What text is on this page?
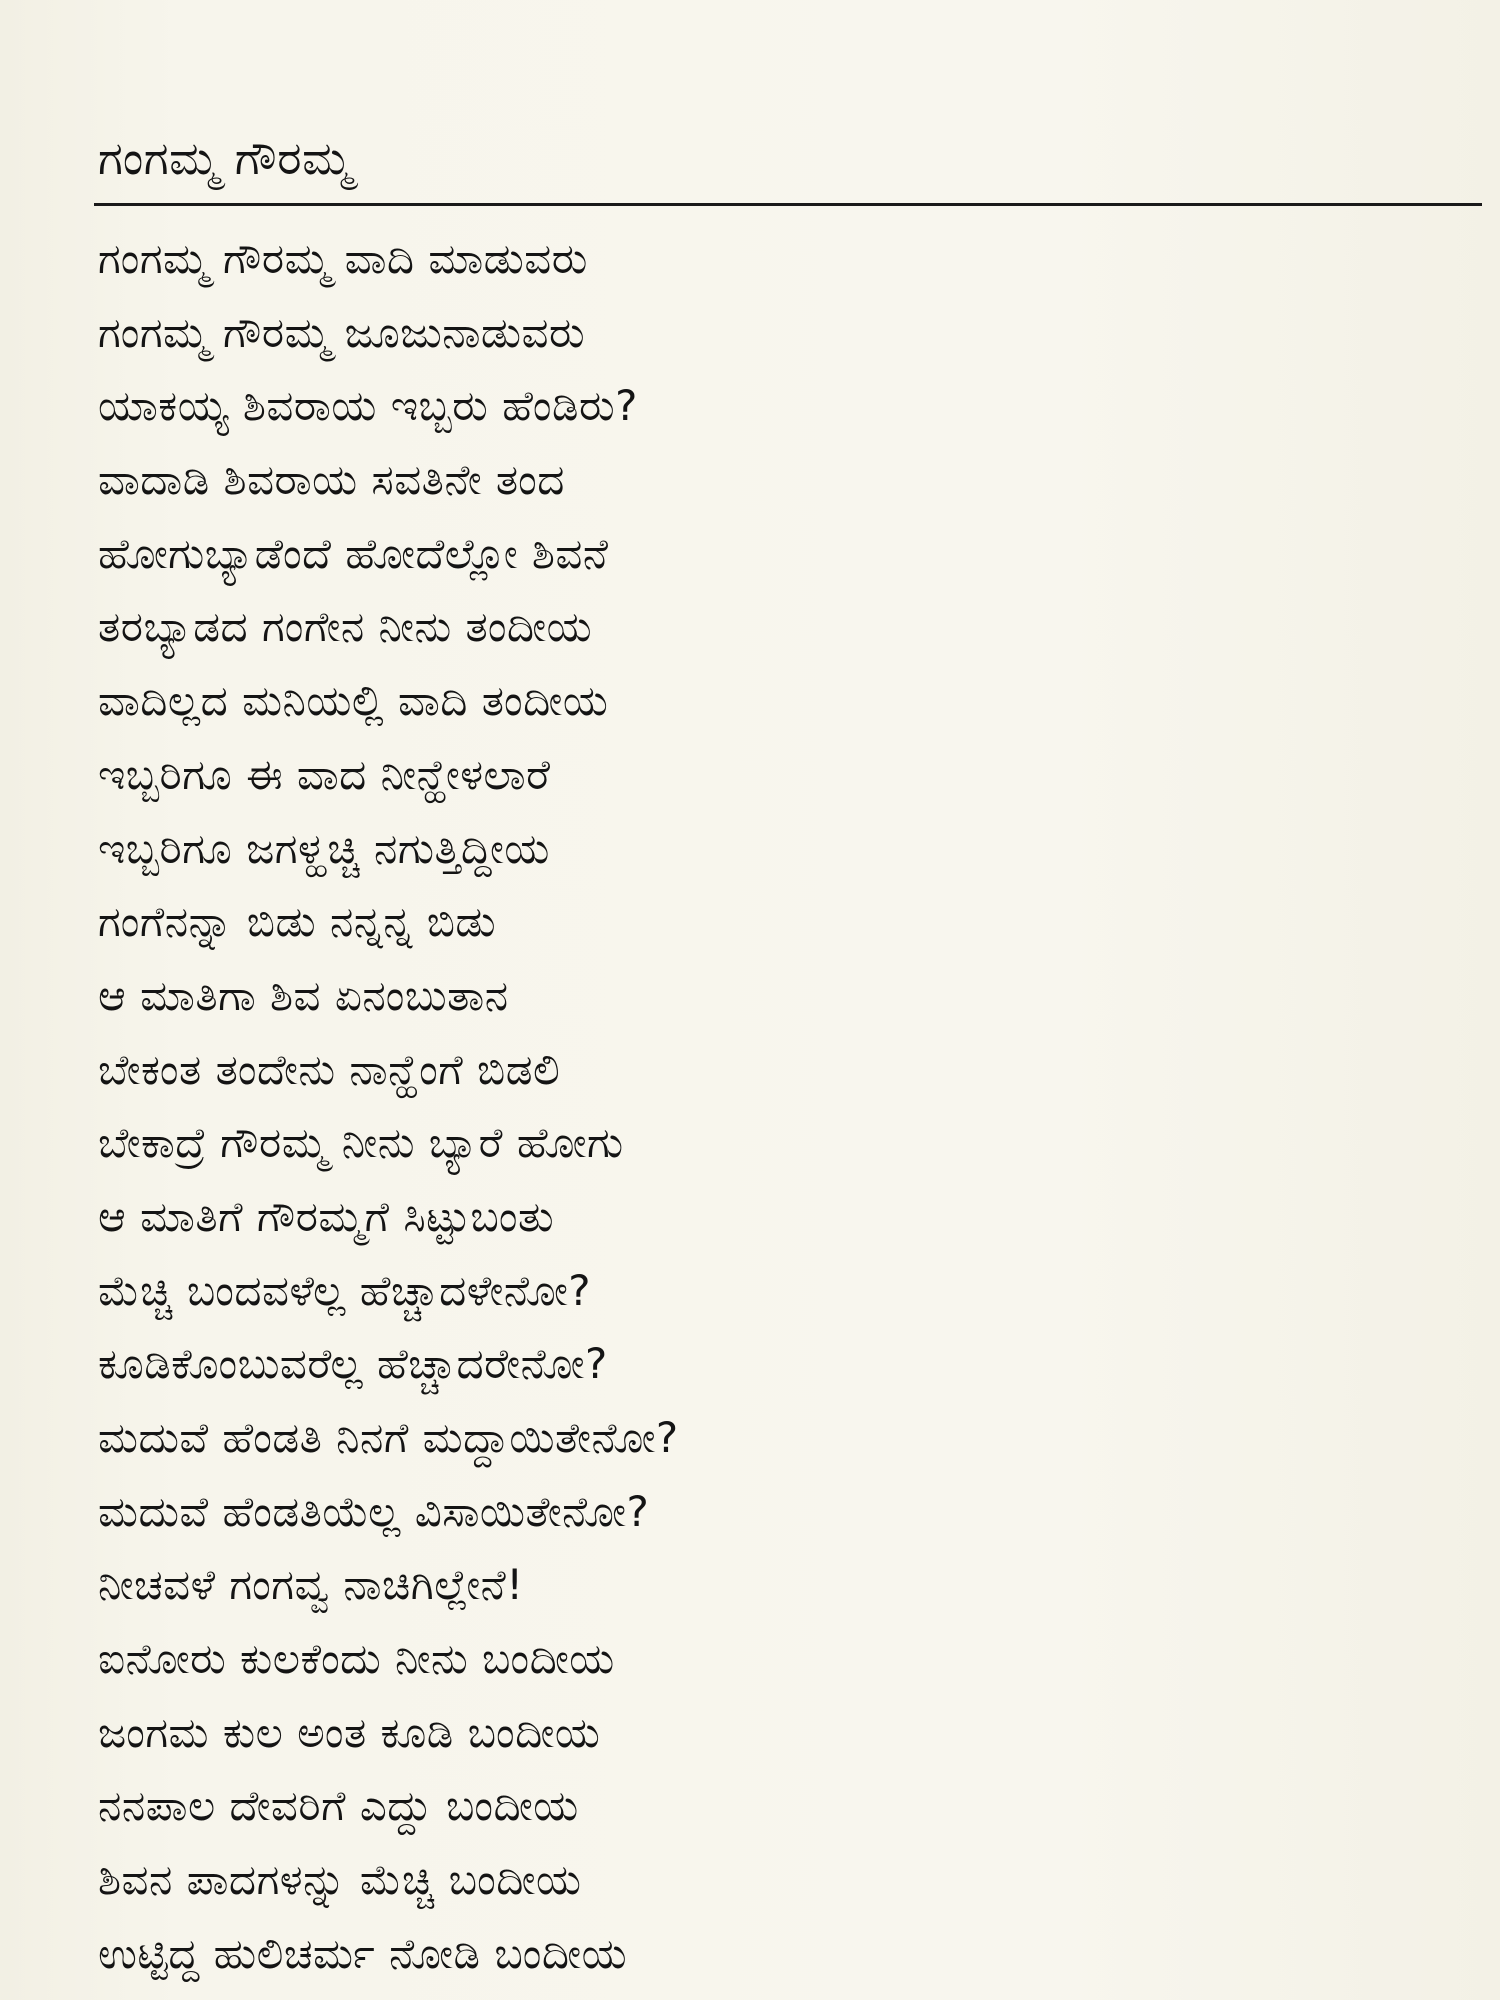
ಗಂಗಮ್ಮ ಗೌರಮ್ಮ
ಗಂಗಮ್ಮ ಗೌರಮ್ಮ ವಾದಿ ಮಾಡುವರು
ಗಂಗಮ್ಮ ಗೌರಮ್ಮ ಜೂಜುನಾಡುವರು
ಯಾಕಯ್ಯ ಶಿವರಾಯ ಇಬ್ಬರು ಹೆಂಡಿರು?
ವಾದಾಡಿ ಶಿವರಾಯ ಸವತಿನೇ ತಂದ
ಹೋಗುಬ್ಯಾಡೆಂದೆ ಹೋದೆಲ್ಲೋ ಶಿವನೆ
ತರಬ್ಯಾಡದ ಗಂಗೇನ ನೀನು ತಂದೀಯ
ವಾದಿಲ್ಲದ ಮನಿಯಲ್ಲಿ ವಾದಿ ತಂದೀಯ
ಇಬ್ಬರಿಗೂ ಈ ವಾದ ನೀನ್ಹೇಳಲಾರೆ
ಇಬ್ಬರಿಗೂ ಜಗಳ್ಹಚ್ಚಿ ನಗುತ್ತಿದ್ದೀಯ
ಗಂಗೆನನ್ನಾ ಬಿಡು ನನ್ನನ್ನ ಬಿಡು
ಆ ಮಾತಿಗಾ ಶಿವ ಏನಂಬುತಾನ
ಬೇಕಂತ ತಂದೇನು ನಾನ್ಹೆಂಗೆ ಬಿಡಲಿ
ಬೇಕಾದ್ರೆ ಗೌರಮ್ಮ ನೀನು ಬ್ಯಾರೆ ಹೋಗು
ಆ ಮಾತಿಗೆ ಗೌರಮ್ಮಗೆ ಸಿಟ್ಟುಬಂತು
ಮೆಚ್ಚಿ ಬಂದವಳೆಲ್ಲ ಹೆಚ್ಚಾದಳೇನೋ?
ಕೂಡಿಕೊಂಬುವರೆಲ್ಲ ಹೆಚ್ಚಾದರೇನೋ?
ಮದುವೆ ಹೆಂಡತಿ ನಿನಗೆ ಮದ್ದಾಯಿತೇನೋ?
ಮದುವೆ ಹೆಂಡತಿಯೆಲ್ಲ ವಿಸಾಯಿತೇನೋ?
ನೀಚವಳೆ ಗಂಗವ್ವ ನಾಚಿಗಿಲ್ಲೇನೆ!
ಐನೋರು ಕುಲಕೆಂದು ನೀನು ಬಂದೀಯ
ಜಂಗಮ ಕುಲ ಅಂತ ಕೂಡಿ ಬಂದೀಯ
ನನಪಾಲ ದೇವರಿಗೆ ಎದ್ದು ಬಂದೀಯ
ಶಿವನ ಪಾದಗಳನ್ನು ಮೆಚ್ಚಿ ಬಂದೀಯ
ಉಟ್ಟಿದ್ದ ಹುಲಿಚರ್ಮ ನೋಡಿ ಬಂದೀಯ
